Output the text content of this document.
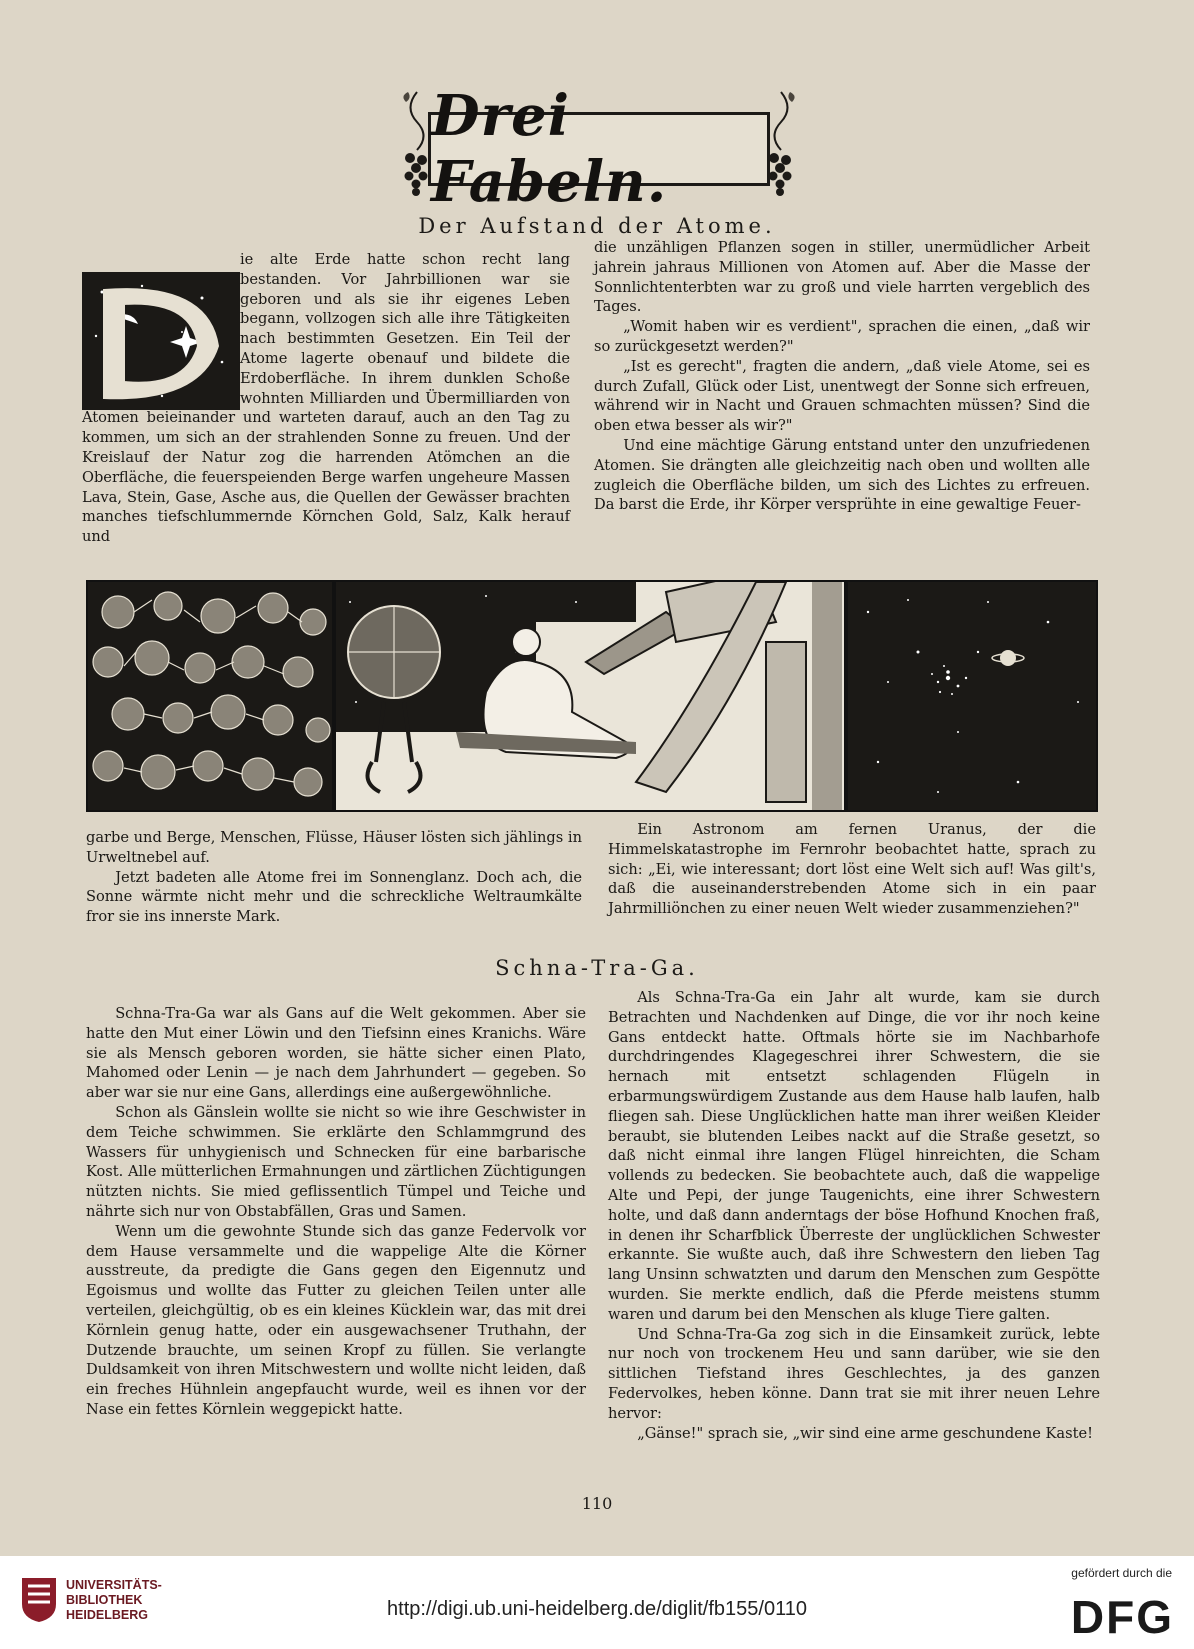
Drei Fabeln.
Der Aufstand der Atome.
D

ie alte Erde hatte schon recht lang bestanden. Vor Jahrbillionen war sie geboren und als sie ihr eigenes Leben begann, vollzogen sich alle ihre Tätigkeiten nach bestimmten Gesetzen. Ein Teil der Atome lagerte obenauf und bildete die Erdoberfläche. In ihrem dunklen Schoße wohnten Milliarden und Übermilliarden von Atomen beieinander und warteten darauf, auch an den Tag zu kommen, um sich an der strahlenden Sonne zu freuen. Und der Kreislauf der Natur zog die harrenden Atömchen an die Oberfläche, die feuerspeienden Berge warfen ungeheure Massen Lava, Stein, Gase, Asche aus, die Quellen der Gewässer brachten manches tiefschlummernde Körnchen Gold, Salz, Kalk herauf und

die unzähligen Pflanzen sogen in stiller, unermüdlicher Arbeit jahrein jahraus Millionen von Atomen auf. Aber die Masse der Sonnlichtenterbten war zu groß und viele harrten vergeblich des Tages.

„Womit haben wir es verdient", sprachen die einen, „daß wir so zurückgesetzt werden?"

„Ist es gerecht", fragten die andern, „daß viele Atome, sei es durch Zufall, Glück oder List, unentwegt der Sonne sich erfreuen, während wir in Nacht und Grauen schmachten müssen? Sind die oben etwa besser als wir?"

Und eine mächtige Gärung entstand unter den unzufriedenen Atomen. Sie drängten alle gleichzeitig nach oben und wollten alle zugleich die Oberfläche bilden, um sich des Lichtes zu erfreuen. Da barst die Erde, ihr Körper versprühte in eine gewaltige Feuer-

garbe und Berge, Menschen, Flüsse, Häuser lösten sich jählings in Urweltnebel auf.

Jetzt badeten alle Atome frei im Sonnenglanz. Doch ach, die Sonne wärmte nicht mehr und die schreckliche Weltraumkälte fror sie ins innerste Mark.

Ein Astronom am fernen Uranus, der die Himmelskatastrophe im Fernrohr beobachtet hatte, sprach zu sich: „Ei, wie interessant; dort löst eine Welt sich auf! Was gilt's, daß die auseinanderstrebenden Atome sich in ein paar Jahrmilliönchen zu einer neuen Welt wieder zusammenziehen?"

Schna-Tra-Ga.

Schna-Tra-Ga war als Gans auf die Welt gekommen. Aber sie hatte den Mut einer Löwin und den Tiefsinn eines Kranichs. Wäre sie als Mensch geboren worden, sie hätte sicher einen Plato, Mahomed oder Lenin — je nach dem Jahrhundert — gegeben. So aber war sie nur eine Gans, allerdings eine außergewöhnliche.

Schon als Gänslein wollte sie nicht so wie ihre Geschwister in dem Teiche schwimmen. Sie erklärte den Schlammgrund des Wassers für unhygienisch und Schnecken für eine barbarische Kost. Alle mütterlichen Ermahnungen und zärtlichen Züchtigungen nützten nichts. Sie mied geflissentlich Tümpel und Teiche und nährte sich nur von Obstabfällen, Gras und Samen.

Wenn um die gewohnte Stunde sich das ganze Federvolk vor dem Hause versammelte und die wappelige Alte die Körner ausstreute, da predigte die Gans gegen den Eigennutz und Egoismus und wollte das Futter zu gleichen Teilen unter alle verteilen, gleichgültig, ob es ein kleines Kücklein war, das mit drei Körnlein genug hatte, oder ein ausgewachsener Truthahn, der Dutzende brauchte, um seinen Kropf zu füllen. Sie verlangte Duldsamkeit von ihren Mitschwestern und wollte nicht leiden, daß ein freches Hühnlein angepfaucht wurde, weil es ihnen vor der Nase ein fettes Körnlein weggepickt hatte.

Als Schna-Tra-Ga ein Jahr alt wurde, kam sie durch Betrachten und Nachdenken auf Dinge, die vor ihr noch keine Gans entdeckt hatte. Oftmals hörte sie im Nachbarhofe durchdringendes Klagegeschrei ihrer Schwestern, die sie hernach mit entsetzt schlagenden Flügeln in erbarmungswürdigem Zustande aus dem Hause halb laufen, halb fliegen sah. Diese Unglücklichen hatte man ihrer weißen Kleider beraubt, sie blutenden Leibes nackt auf die Straße gesetzt, so daß nicht einmal ihre langen Flügel hinreichten, die Scham vollends zu bedecken. Sie beobachtete auch, daß die wappelige Alte und Pepi, der junge Taugenichts, eine ihrer Schwestern holte, und daß dann anderntags der böse Hofhund Knochen fraß, in denen ihr Scharfblick Überreste der unglücklichen Schwester erkannte. Sie wußte auch, daß ihre Schwestern den lieben Tag lang Unsinn schwatzten und darum den Menschen zum Gespötte wurden. Sie merkte endlich, daß die Pferde meistens stumm waren und darum bei den Menschen als kluge Tiere galten.

Und Schna-Tra-Ga zog sich in die Einsamkeit zurück, lebte nur noch von trockenem Heu und sann darüber, wie sie den sittlichen Tiefstand ihres Geschlechtes, ja des ganzen Federvolkes, heben könne. Dann trat sie mit ihrer neuen Lehre hervor:

„Gänse!" sprach sie, „wir sind eine arme geschundene Kaste!

110
UNIVERSITÄTS-
BIBLIOTHEK
HEIDELBERG	http://digi.ub.uni-heidelberg.de/diglit/fb155/0110
gefördert durch die
DFG
